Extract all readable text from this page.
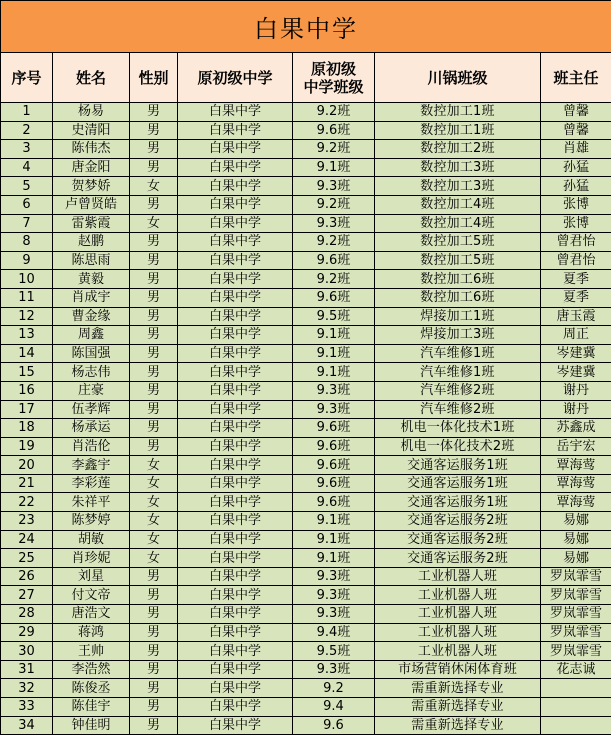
白果中学						
序号	姓名	性别	原初级中学	原初级
中学班级	川锅班级	班主任
1	杨易	男	白果中学	9.2班	数控加工1班	曾馨
2	史清阳	男	白果中学	9.6班	数控加工1班	曾馨
3	陈伟杰	男	白果中学	9.2班	数控加工2班	肖雄
4	唐金阳	男	白果中学	9.1班	数控加工3班	孙猛
5	贺梦娇	女	白果中学	9.3班	数控加工3班	孙猛
6	卢曾贤皓	男	白果中学	9.2班	数控加工4班	张博
7	雷紫霞	女	白果中学	9.3班	数控加工4班	张博
8	赵鹏	男	白果中学	9.2班	数控加工5班	曾君怡
9	陈思雨	男	白果中学	9.6班	数控加工5班	曾君怡
10	黄毅	男	白果中学	9.2班	数控加工6班	夏季
11	肖成宇	男	白果中学	9.6班	数控加工6班	夏季
12	曹金缘	男	白果中学	9.5班	焊接加工1班	唐玉霞
13	周鑫	男	白果中学	9.1班	焊接加工3班	周正
14	陈国强	男	白果中学	9.1班	汽车维修1班	岑建冀
15	杨志伟	男	白果中学	9.1班	汽车维修1班	岑建冀
16	庄豪	男	白果中学	9.3班	汽车维修2班	谢丹
17	伍孝辉	男	白果中学	9.3班	汽车维修2班	谢丹
18	杨承运	男	白果中学	9.6班	机电一体化技术1班	苏鑫成
19	肖浩伦	男	白果中学	9.6班	机电一体化技术2班	岳宇宏
20	李鑫宇	女	白果中学	9.6班	交通客运服务1班	覃海莺
21	李彩莲	女	白果中学	9.6班	交通客运服务1班	覃海莺
22	朱祥平	女	白果中学	9.6班	交通客运服务1班	覃海莺
23	陈梦婷	女	白果中学	9.1班	交通客运服务2班	易娜
24	胡敏	女	白果中学	9.1班	交通客运服务2班	易娜
25	肖珍妮	女	白果中学	9.1班	交通客运服务2班	易娜
26	刘星	男	白果中学	9.3班	工业机器人班	罗岚霏雪
27	付文帝	男	白果中学	9.3班	工业机器人班	罗岚霏雪
28	唐浩文	男	白果中学	9.3班	工业机器人班	罗岚霏雪
29	蒋鸿	男	白果中学	9.4班	工业机器人班	罗岚霏雪
30	王帅	男	白果中学	9.5班	工业机器人班	罗岚霏雪
31	李浩然	男	白果中学	9.3班	市场营销休闲体育班	花志诚
32	陈俊丞	男	白果中学	9.2	需重新选择专业	
33	陈佳宇	男	白果中学	9.4	需重新选择专业	
34	钟佳明	男	白果中学	9.6	需重新选择专业	
